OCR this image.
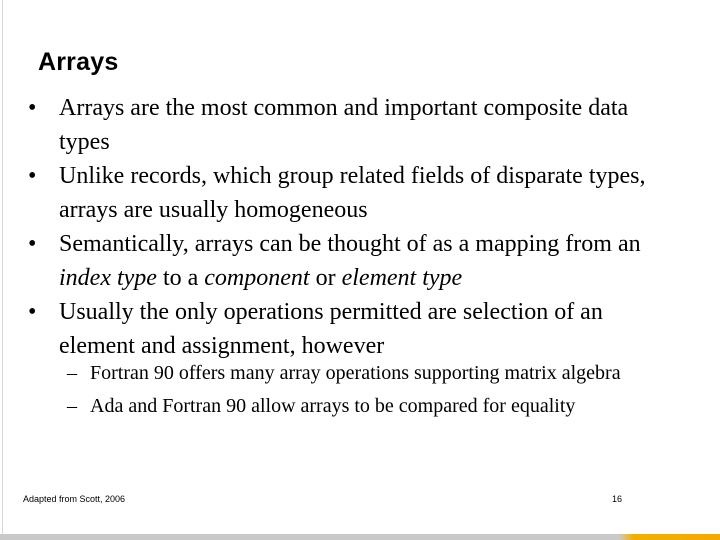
Arrays
• Arrays are the most common and important composite data types
• Unlike records, which group related fields of disparate types, arrays are usually homogeneous
• Semantically, arrays can be thought of as a mapping from an index type to a component or element type
• Usually the only operations permitted are selection of an element and assignment, however
– Fortran 90 offers many array operations supporting matrix algebra
– Ada and Fortran 90 allow arrays to be compared for equality
Adapted from Scott, 2006	16
